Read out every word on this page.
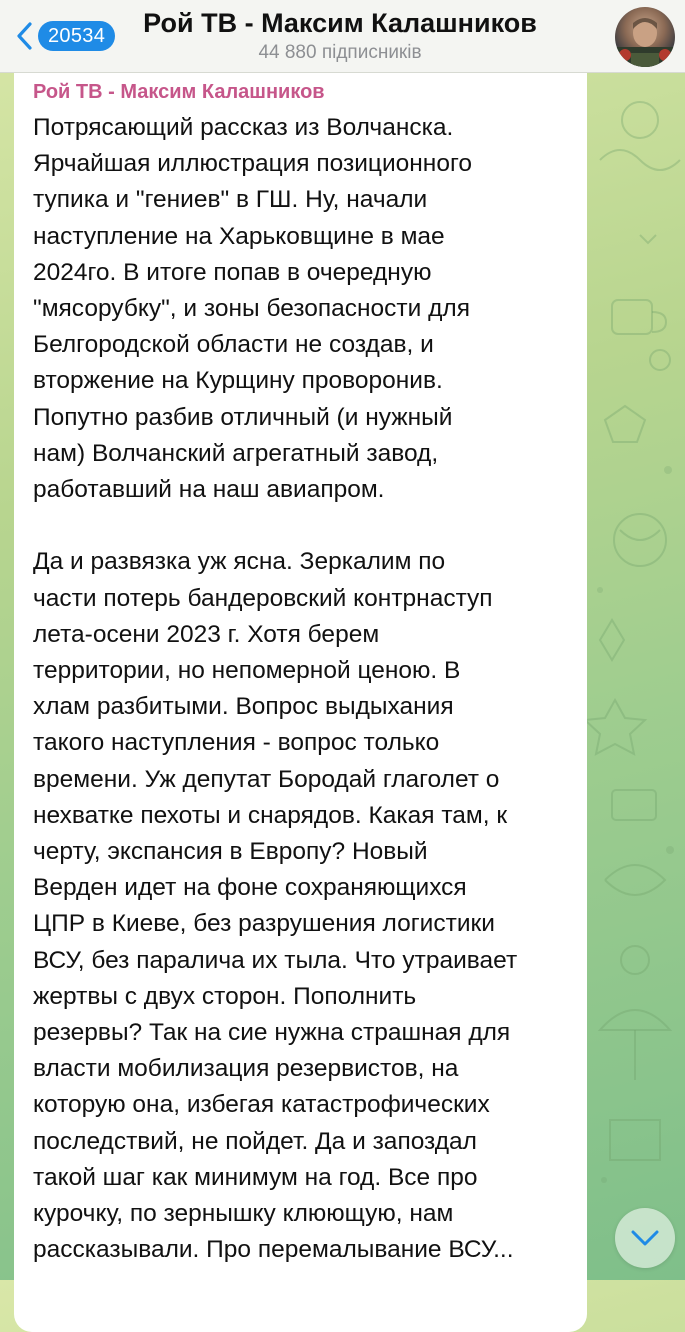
20534	Рой ТВ - Максим Калашников
44 880 підписників
Рой ТВ - Максим Калашников

Потрясающий рассказ из Волчанска.
Ярчайшая иллюстрация позиционного
тупика и "гениев" в ГШ. Ну, начали
наступление на Харьковщине в мае
2024го. В итоге попав в очередную
"мясорубку", и зоны безопасности для
Белгородской области не создав, и
вторжение на Курщину проворонив.
Попутно разбив отличный (и нужный
нам) Волчанский агрегатный завод,
работавший на наш авиапром.

Да и развязка уж ясна. Зеркалим по
части потерь бандеровский контрнаступ
лета-осени 2023 г. Хотя берем
территории, но непомерной ценою. В
хлам разбитыми. Вопрос выдыхания
такого наступления - вопрос только
времени. Уж депутат Бородай глаголет о
нехватке пехоты и снарядов. Какая там, к
черту, экспансия в Европу? Новый
Верден идет на фоне сохраняющихся
ЦПР в Киеве, без разрушения логистики
ВСУ, без паралича их тыла. Что утраивает
жертвы с двух сторон. Пополнить
резервы? Так на сие нужна страшная для
власти мобилизация резервистов, на
которую она, избегая катастрофических
последствий, не пойдет. Да и запоздал
такой шаг как минимум на год. Все про
курочку, по зернышку клюющую, нам
рассказывали. Про перемалывание ВСУ...
